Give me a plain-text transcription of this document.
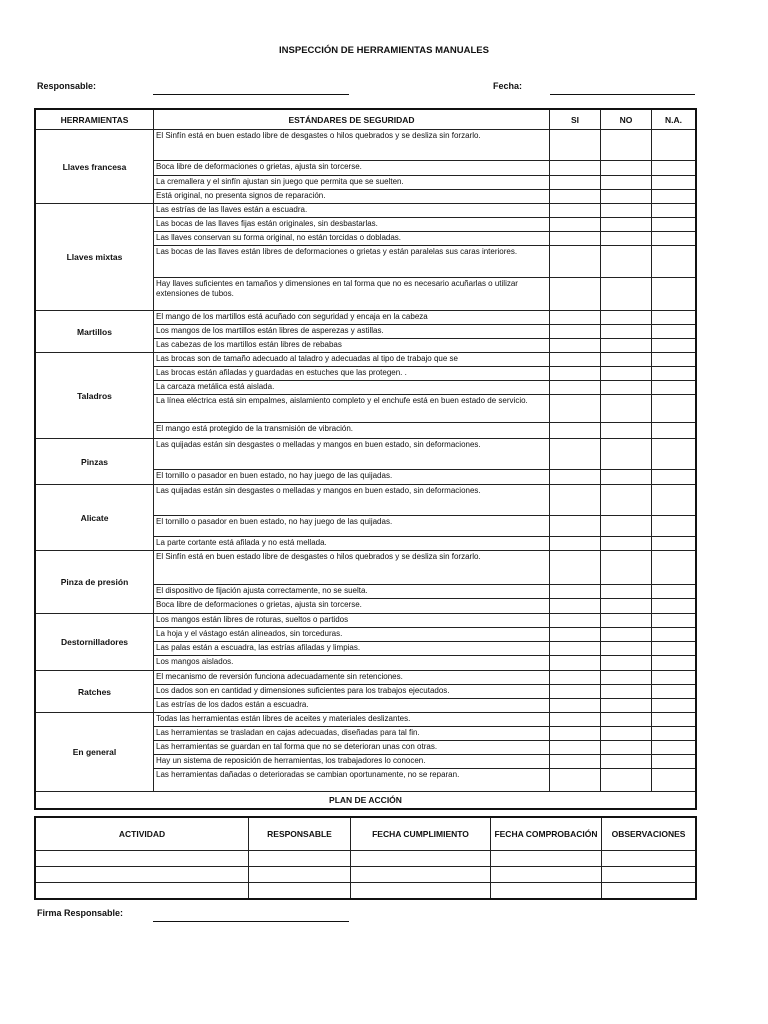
INSPECCIÓN DE HERRAMIENTAS MANUALES
Responsable:	Fecha:
HERRAMIENTAS	ESTÁNDARES DE SEGURIDAD	SI	NO	N.A.
Llaves francesa	El Sinfín está en buen estado libre de desgastes o hilos quebrados y se desliza sin forzarlo.			
	Boca libre de deformaciones o grietas, ajusta sin torcerse.			
	La cremallera y el sinfín ajustan sin juego que permita que se suelten.			
	Está original, no presenta signos de reparación.			
Llaves mixtas	Las estrías de las llaves están a escuadra.			
	Las bocas de las llaves fijas están originales, sin desbastarlas.			
	Las llaves conservan su forma original, no están torcidas o dobladas.			
	Las bocas de las llaves están libres de deformaciones o grietas y están paralelas sus caras interiores.			
	Hay llaves suficientes en tamaños y dimensiones en tal forma que no es necesario acuñarlas o utilizar extensiones de tubos.			
Martillos	El mango de los martillos está acuñado con seguridad y encaja en la cabeza			
	Los mangos de los martillos están libres de asperezas y astillas.			
	Las cabezas de los martillos están libres de rebabas			
Taladros	Las brocas son de tamaño adecuado al taladro y adecuadas al tipo de trabajo que se			
	Las brocas están afiladas y guardadas en estuches que las protegen. .			
	La carcaza metálica está aislada.			
	La línea eléctrica está sin empalmes, aislamiento completo y el enchufe está en buen estado de servicio.			
	El mango está protegido de la transmisión de vibración.			
Pinzas	Las quijadas están sin desgastes o melladas y mangos en buen estado, sin deformaciones.			
	El tornillo o pasador en buen estado, no hay juego de las quijadas.			
Alicate	Las quijadas están sin desgastes o melladas y mangos en buen estado, sin deformaciones.			
	El tornillo o pasador en buen estado, no hay juego de las quijadas.			
	La parte cortante está afilada y no está mellada.			
Pinza de presión	El Sinfín está en buen estado libre de desgastes o hilos quebrados y se desliza sin forzarlo.			
	El dispositivo de fijación ajusta correctamente, no se suelta.			
	Boca libre de deformaciones o grietas, ajusta sin torcerse.			
Destornilladores	Los mangos están libres de roturas, sueltos o partidos			
	La hoja y el vástago están alineados, sin torceduras.			
	Las palas están a escuadra, las estrías afiladas y limpias.			
	Los mangos aislados.			
Ratches	El mecanismo de reversión funciona adecuadamente sin retenciones.			
	Los dados son en cantidad y dimensiones suficientes para los trabajos ejecutados.			
	Las estrías de los dados están a escuadra.			
En general	Todas las herramientas están libres de aceites y materiales deslizantes.			
	Las herramientas se trasladan en cajas adecuadas, diseñadas para tal fin.			
	Las herramientas se guardan en tal forma que no se deterioran unas con otras.			
	Hay un sistema de reposición de herramientas, los trabajadores lo conocen.			
	Las herramientas dañadas o deterioradas se cambian oportunamente, no se reparan.			
PLAN DE ACCIÓN				
ACTIVIDAD	RESPONSABLE	FECHA CUMPLIMIENTO	FECHA COMPROBACIÓN	OBSERVACIONES

Firma Responsable:
